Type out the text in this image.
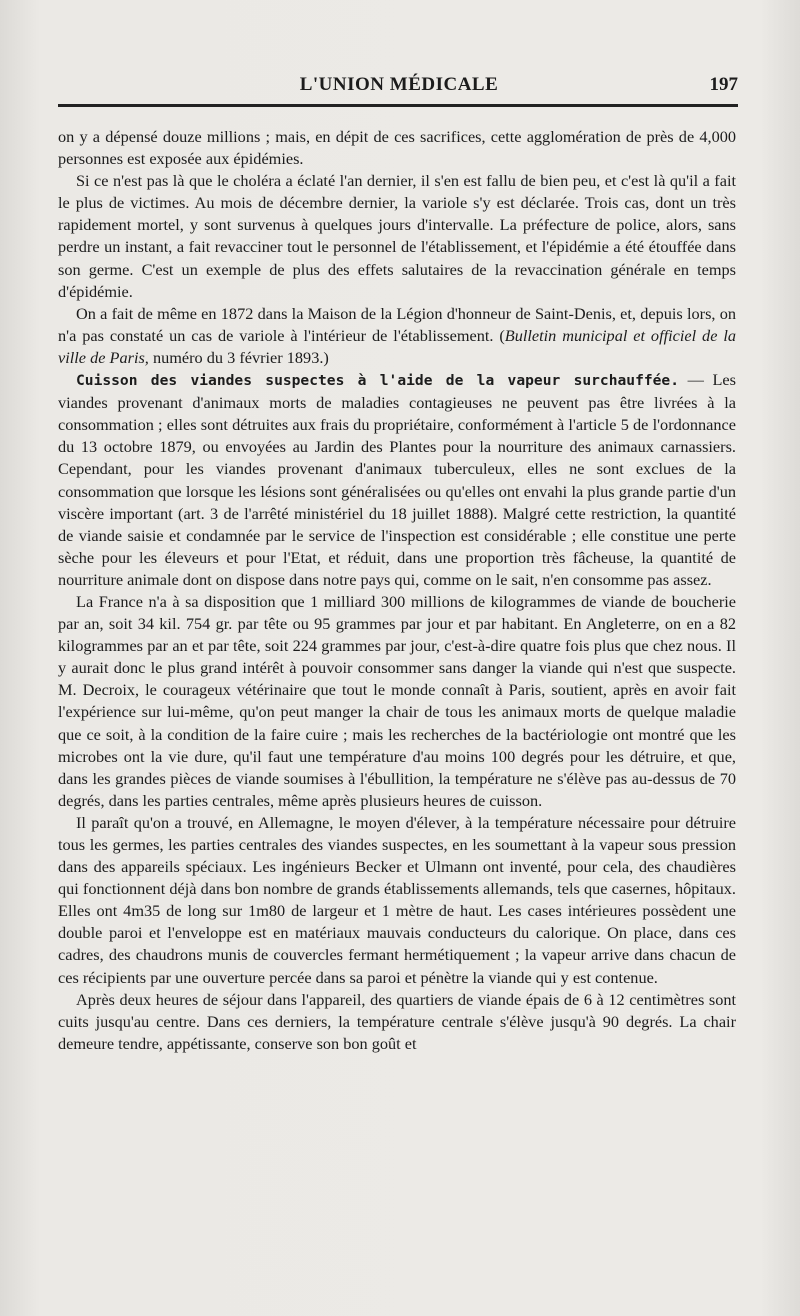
L'UNION MÉDICALE	197

on y a dépensé douze millions ; mais, en dépit de ces sacrifices, cette agglomération de près de 4,000 personnes est exposée aux épidémies.

Si ce n'est pas là que le choléra a éclaté l'an dernier, il s'en est fallu de bien peu, et c'est là qu'il a fait le plus de victimes. Au mois de décembre dernier, la variole s'y est déclarée. Trois cas, dont un très rapidement mortel, y sont survenus à quelques jours d'intervalle. La préfecture de police, alors, sans perdre un instant, a fait revacciner tout le personnel de l'établissement, et l'épidémie a été étouffée dans son germe. C'est un exemple de plus des effets salutaires de la revaccination générale en temps d'épidémie.

On a fait de même en 1872 dans la Maison de la Légion d'honneur de Saint-Denis, et, depuis lors, on n'a pas constaté un cas de variole à l'intérieur de l'établissement. (Bulletin municipal et officiel de la ville de Paris, numéro du 3 février 1893.)

Cuisson des viandes suspectes à l'aide de la vapeur surchauffée. — Les viandes provenant d'animaux morts de maladies contagieuses ne peuvent pas être livrées à la consommation ; elles sont détruites aux frais du propriétaire, conformément à l'article 5 de l'ordonnance du 13 octobre 1879, ou envoyées au Jardin des Plantes pour la nourriture des animaux carnassiers. Cependant, pour les viandes provenant d'animaux tuberculeux, elles ne sont exclues de la consommation que lorsque les lésions sont généralisées ou qu'elles ont envahi la plus grande partie d'un viscère important (art. 3 de l'arrêté ministériel du 18 juillet 1888). Malgré cette restriction, la quantité de viande saisie et condamnée par le service de l'inspection est considérable ; elle constitue une perte sèche pour les éleveurs et pour l'Etat, et réduit, dans une proportion très fâcheuse, la quantité de nourriture animale dont on dispose dans notre pays qui, comme on le sait, n'en consomme pas assez.

La France n'a à sa disposition que 1 milliard 300 millions de kilogrammes de viande de boucherie par an, soit 34 kil. 754 gr. par tête ou 95 grammes par jour et par habitant. En Angleterre, on en a 82 kilogrammes par an et par tête, soit 224 grammes par jour, c'est-à-dire quatre fois plus que chez nous. Il y aurait donc le plus grand intérêt à pouvoir consommer sans danger la viande qui n'est que suspecte. M. Decroix, le courageux vétérinaire que tout le monde connaît à Paris, soutient, après en avoir fait l'expérience sur lui-même, qu'on peut manger la chair de tous les animaux morts de quelque maladie que ce soit, à la condition de la faire cuire ; mais les recherches de la bactériologie ont montré que les microbes ont la vie dure, qu'il faut une température d'au moins 100 degrés pour les détruire, et que, dans les grandes pièces de viande soumises à l'ébullition, la température ne s'élève pas au-dessus de 70 degrés, dans les parties centrales, même après plusieurs heures de cuisson.

Il paraît qu'on a trouvé, en Allemagne, le moyen d'élever, à la température nécessaire pour détruire tous les germes, les parties centrales des viandes suspectes, en les soumettant à la vapeur sous pression dans des appareils spéciaux. Les ingénieurs Becker et Ulmann ont inventé, pour cela, des chaudières qui fonctionnent déjà dans bon nombre de grands établissements allemands, tels que casernes, hôpitaux. Elles ont 4m35 de long sur 1m80 de largeur et 1 mètre de haut. Les cases intérieures possèdent une double paroi et l'enveloppe est en matériaux mauvais conducteurs du calorique. On place, dans ces cadres, des chaudrons munis de couvercles fermant hermétiquement ; la vapeur arrive dans chacun de ces récipients par une ouverture percée dans sa paroi et pénètre la viande qui y est contenue.

Après deux heures de séjour dans l'appareil, des quartiers de viande épais de 6 à 12 centimètres sont cuits jusqu'au centre. Dans ces derniers, la température centrale s'élève jusqu'à 90 degrés. La chair demeure tendre, appétissante, conserve son bon goût et
